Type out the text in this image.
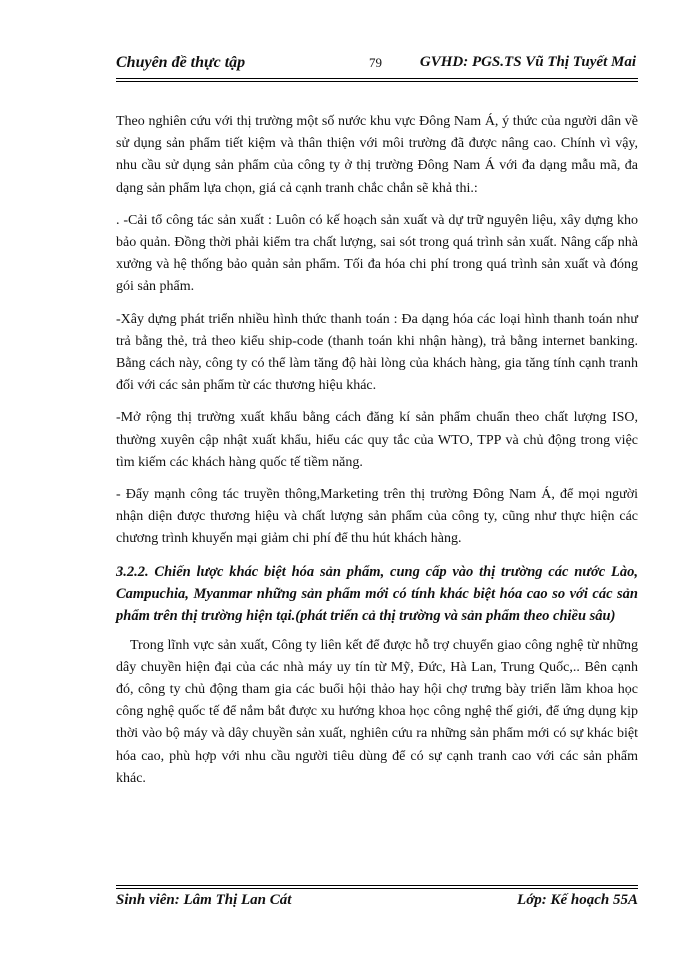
Chuyên đề thực tập	79	GVHD: PGS.TS Vũ Thị Tuyết Mai

Theo nghiên cứu với thị trường một số nước khu vực Đông Nam Á, ý thức của người dân về sử dụng sản phẩm tiết kiệm và thân thiện với môi trường đã được nâng cao. Chính vì vậy, nhu cầu sử dụng sản phẩm của công ty ở thị trường Đông Nam Á với đa dạng mẫu mã, đa dạng sản phẩm lựa chọn, giá cả cạnh tranh chắc chắn sẽ khả thi.:

. -Cải tổ công tác sản xuất : Luôn có kế hoạch sản xuất và dự trữ nguyên liệu, xây dựng kho bảo quản. Đồng thời phải kiểm tra chất lượng, sai sót trong quá trình sản xuất. Nâng cấp nhà xưởng và hệ thống bảo quản sản phẩm. Tối đa hóa chi phí trong quá trình sản xuất và đóng gói sản phẩm.

-Xây dựng phát triển nhiều hình thức thanh toán : Đa dạng hóa các loại hình thanh toán như trả bằng thẻ, trả theo kiểu ship-code (thanh toán khi nhận hàng), trả bằng internet banking. Bằng cách này, công ty có thể làm tăng độ hài lòng của khách hàng, gia tăng tính cạnh tranh đối với các sản phẩm từ các thương hiệu khác.

-Mở rộng thị trường xuất khẩu bằng cách đăng kí sản phẩm chuẩn theo chất lượng ISO, thường xuyên cập nhật xuất khẩu, hiểu các quy tắc của WTO, TPP và chủ động trong việc tìm kiếm các khách hàng quốc tế tiềm năng.

- Đẩy mạnh công tác truyền thông,Marketing trên thị trường Đông Nam Á, để mọi người nhận diện được thương hiệu và chất lượng sản phẩm của công ty, cũng như thực hiện các chương trình khuyến mại giảm chi phí để thu hút khách hàng.

3.2.2. Chiến lược khác biệt hóa sản phẩm, cung cấp vào thị trường các nước Lào, Campuchia, Myanmar những sản phẩm mới có tính khác biệt hóa cao so với các sản phẩm trên thị trường hiện tại.(phát triển cả thị trường và sản phẩm theo chiều sâu)

Trong lĩnh vực sản xuất, Công ty liên kết để được hỗ trợ chuyển giao công nghệ từ những dây chuyền hiện đại của các nhà máy uy tín từ Mỹ, Đức, Hà Lan, Trung Quốc,.. Bên cạnh đó, công ty chủ động tham gia các buổi hội thảo hay hội chợ trưng bày triển lãm khoa học công nghệ quốc tế để nắm bắt được xu hướng khoa học công nghệ thế giới, để ứng dụng kịp thời vào bộ máy và dây chuyền sản xuất, nghiên cứu ra những sản phẩm mới có sự khác biệt hóa cao, phù hợp với nhu cầu người tiêu dùng để có sự cạnh tranh cao với các sản phẩm khác.

Sinh viên: Lâm Thị Lan Cát	Lớp: Kế hoạch 55A
